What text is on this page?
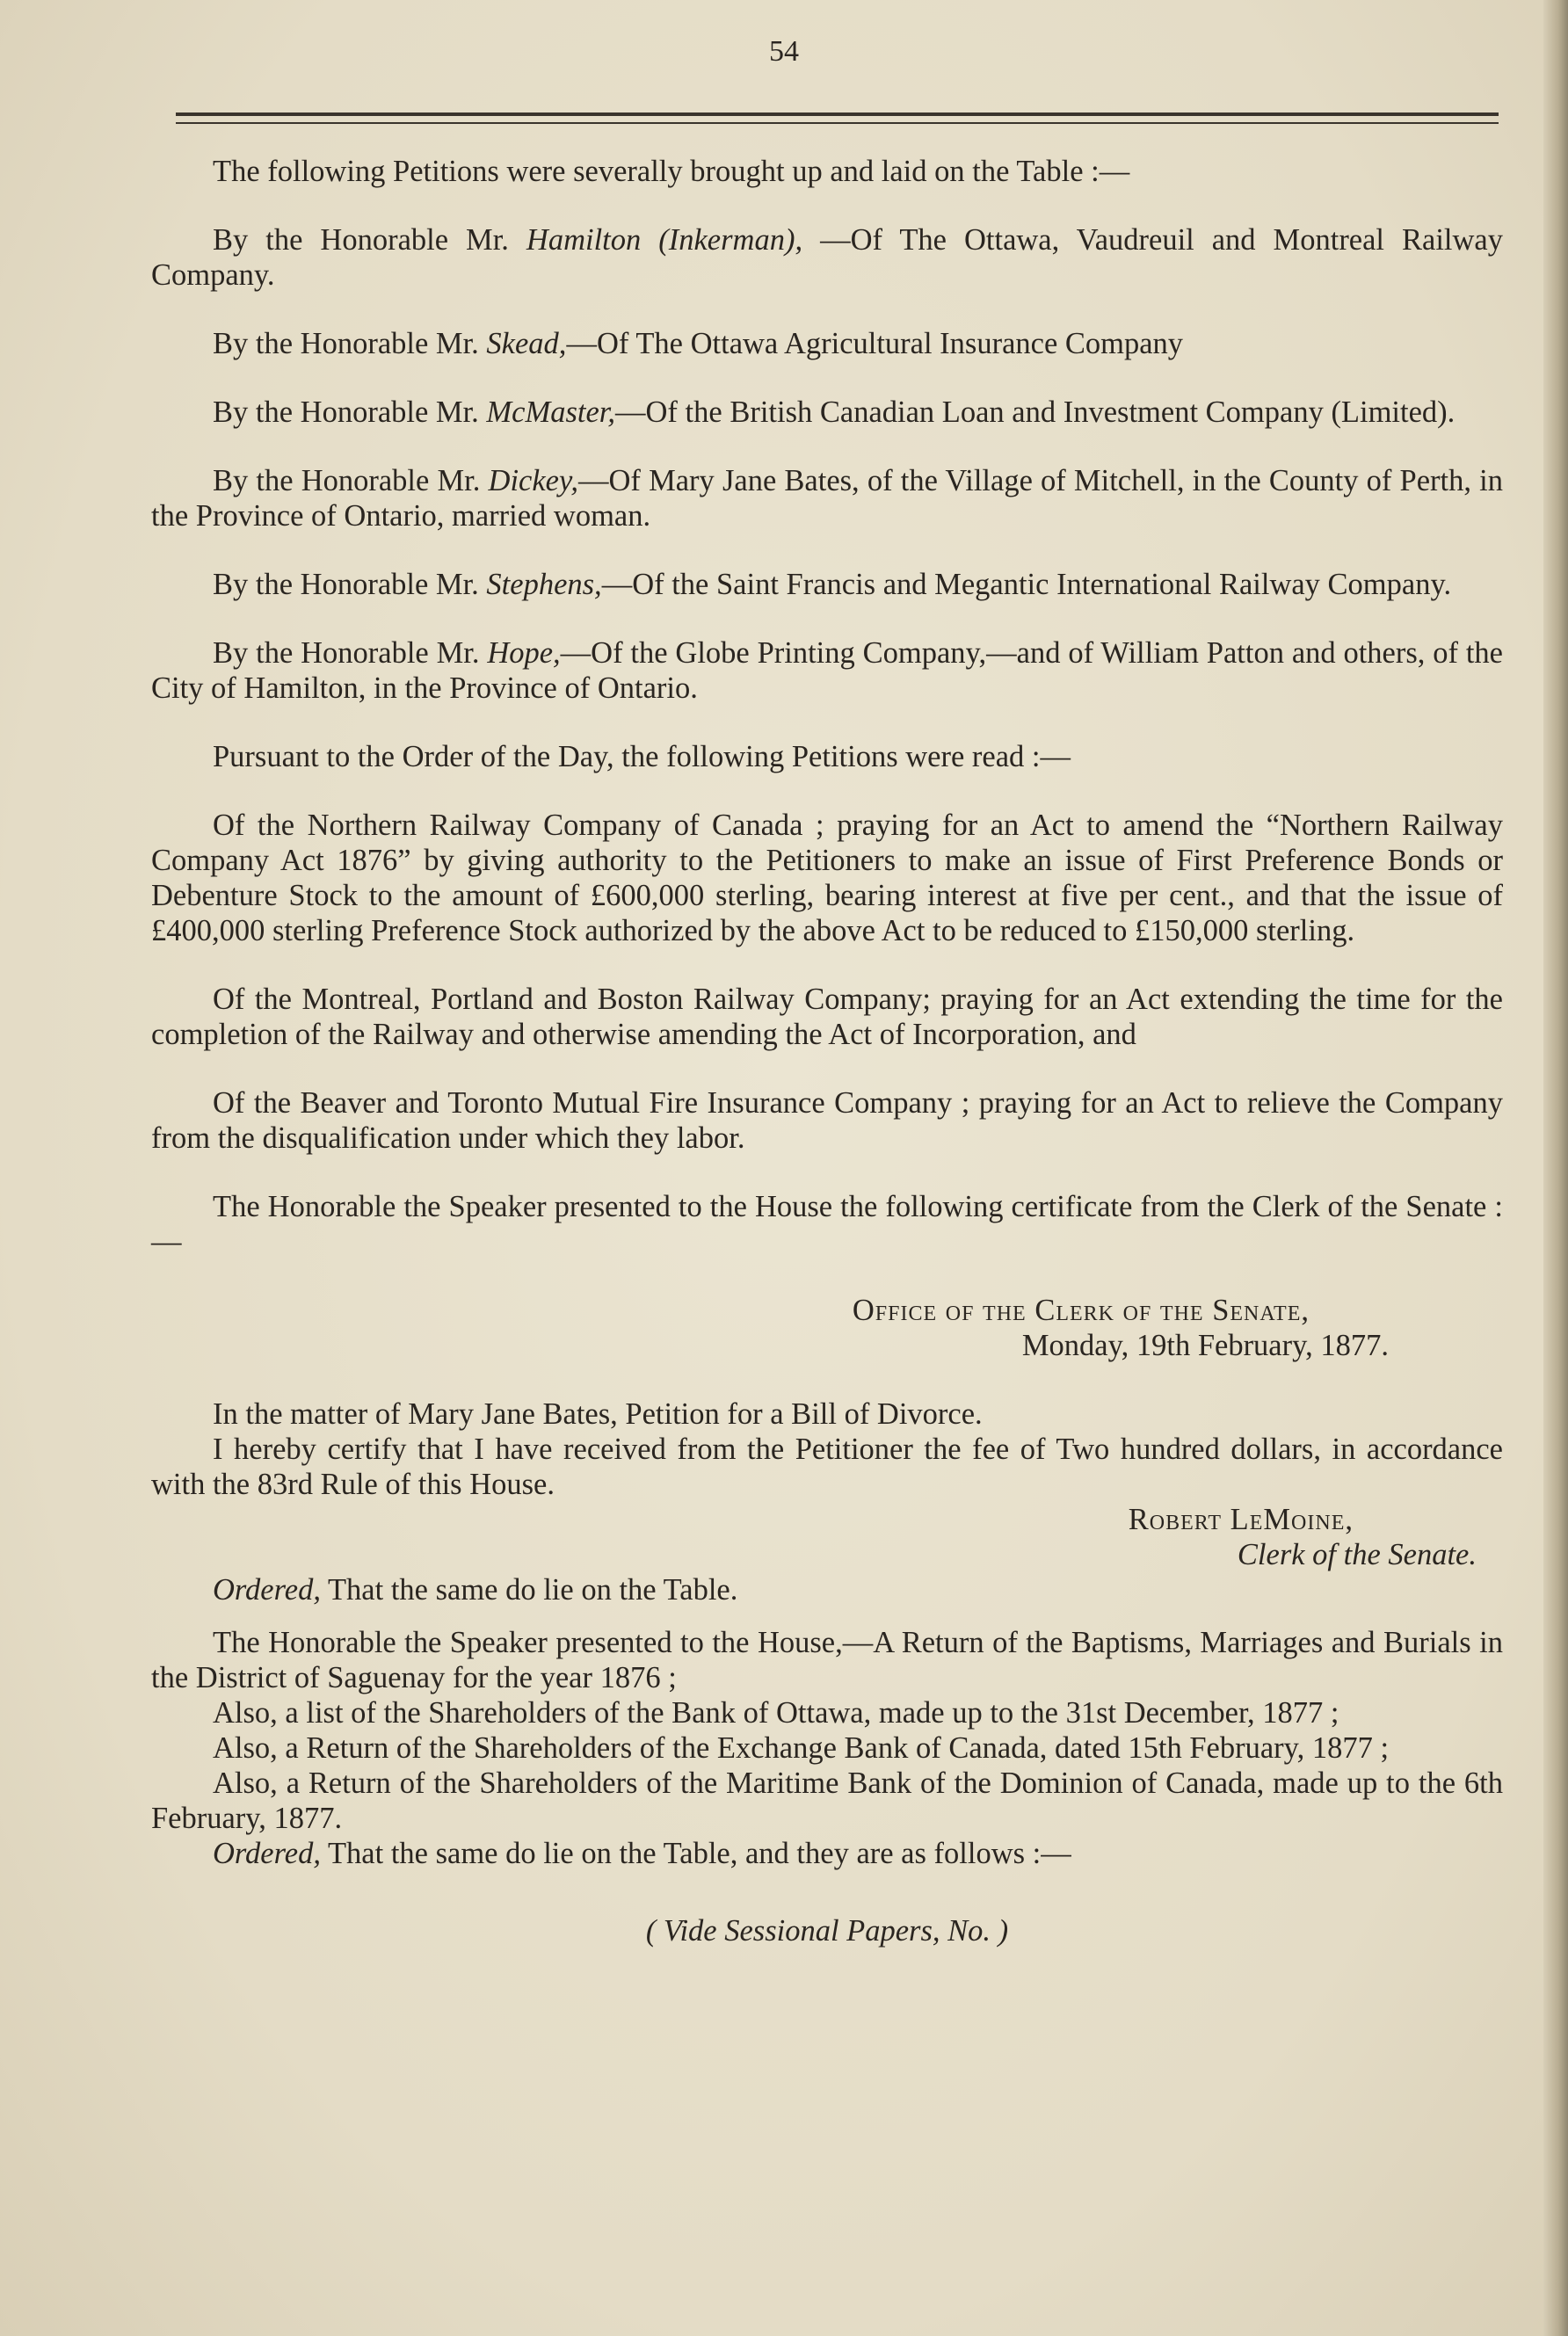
54

The following Petitions were severally brought up and laid on the Table :—

By the Honorable Mr. Hamilton (Inkerman), —Of The Ottawa, Vaudreuil and Montreal Railway Company.

By the Honorable Mr. Skead,—Of The Ottawa Agricultural Insurance Company

By the Honorable Mr. McMaster,—Of the British Canadian Loan and Investment Company (Limited).

By the Honorable Mr. Dickey,—Of Mary Jane Bates, of the Village of Mitchell, in the County of Perth, in the Province of Ontario, married woman.

By the Honorable Mr. Stephens,—Of the Saint Francis and Megantic International Railway Company.

By the Honorable Mr. Hope,—Of the Globe Printing Company,—and of William Patton and others, of the City of Hamilton, in the Province of Ontario.

Pursuant to the Order of the Day, the following Petitions were read :—

Of the Northern Railway Company of Canada ; praying for an Act to amend the “Northern Railway Company Act 1876” by giving authority to the Petitioners to make an issue of First Preference Bonds or Debenture Stock to the amount of £600,000 sterling, bearing interest at five per cent., and that the issue of £400,000 sterling Preference Stock authorized by the above Act to be reduced to £150,000 sterling.

Of the Montreal, Portland and Boston Railway Company; praying for an Act extending the time for the completion of the Railway and otherwise amending the Act of Incorporation, and

Of the Beaver and Toronto Mutual Fire Insurance Company ; praying for an Act to relieve the Company from the disqualification under which they labor.

The Honorable the Speaker presented to the House the following certificate from the Clerk of the Senate :—

Office of the Clerk of the Senate,

Monday, 19th February, 1877.

In the matter of Mary Jane Bates, Petition for a Bill of Divorce.

I hereby certify that I have received from the Petitioner the fee of Two hundred dollars, in accordance with the 83rd Rule of this House.

Robert LeMoine,

Clerk of the Senate.

Ordered, That the same do lie on the Table.

The Honorable the Speaker presented to the House,—A Return of the Baptisms, Marriages and Burials in the District of Saguenay for the year 1876 ;

Also, a list of the Shareholders of the Bank of Ottawa, made up to the 31st December, 1877 ;

Also, a Return of the Shareholders of the Exchange Bank of Canada, dated 15th February, 1877 ;

Also, a Return of the Shareholders of the Maritime Bank of the Dominion of Canada, made up to the 6th February, 1877.

Ordered, That the same do lie on the Table, and they are as follows :—

( Vide Sessional Papers, No. )
